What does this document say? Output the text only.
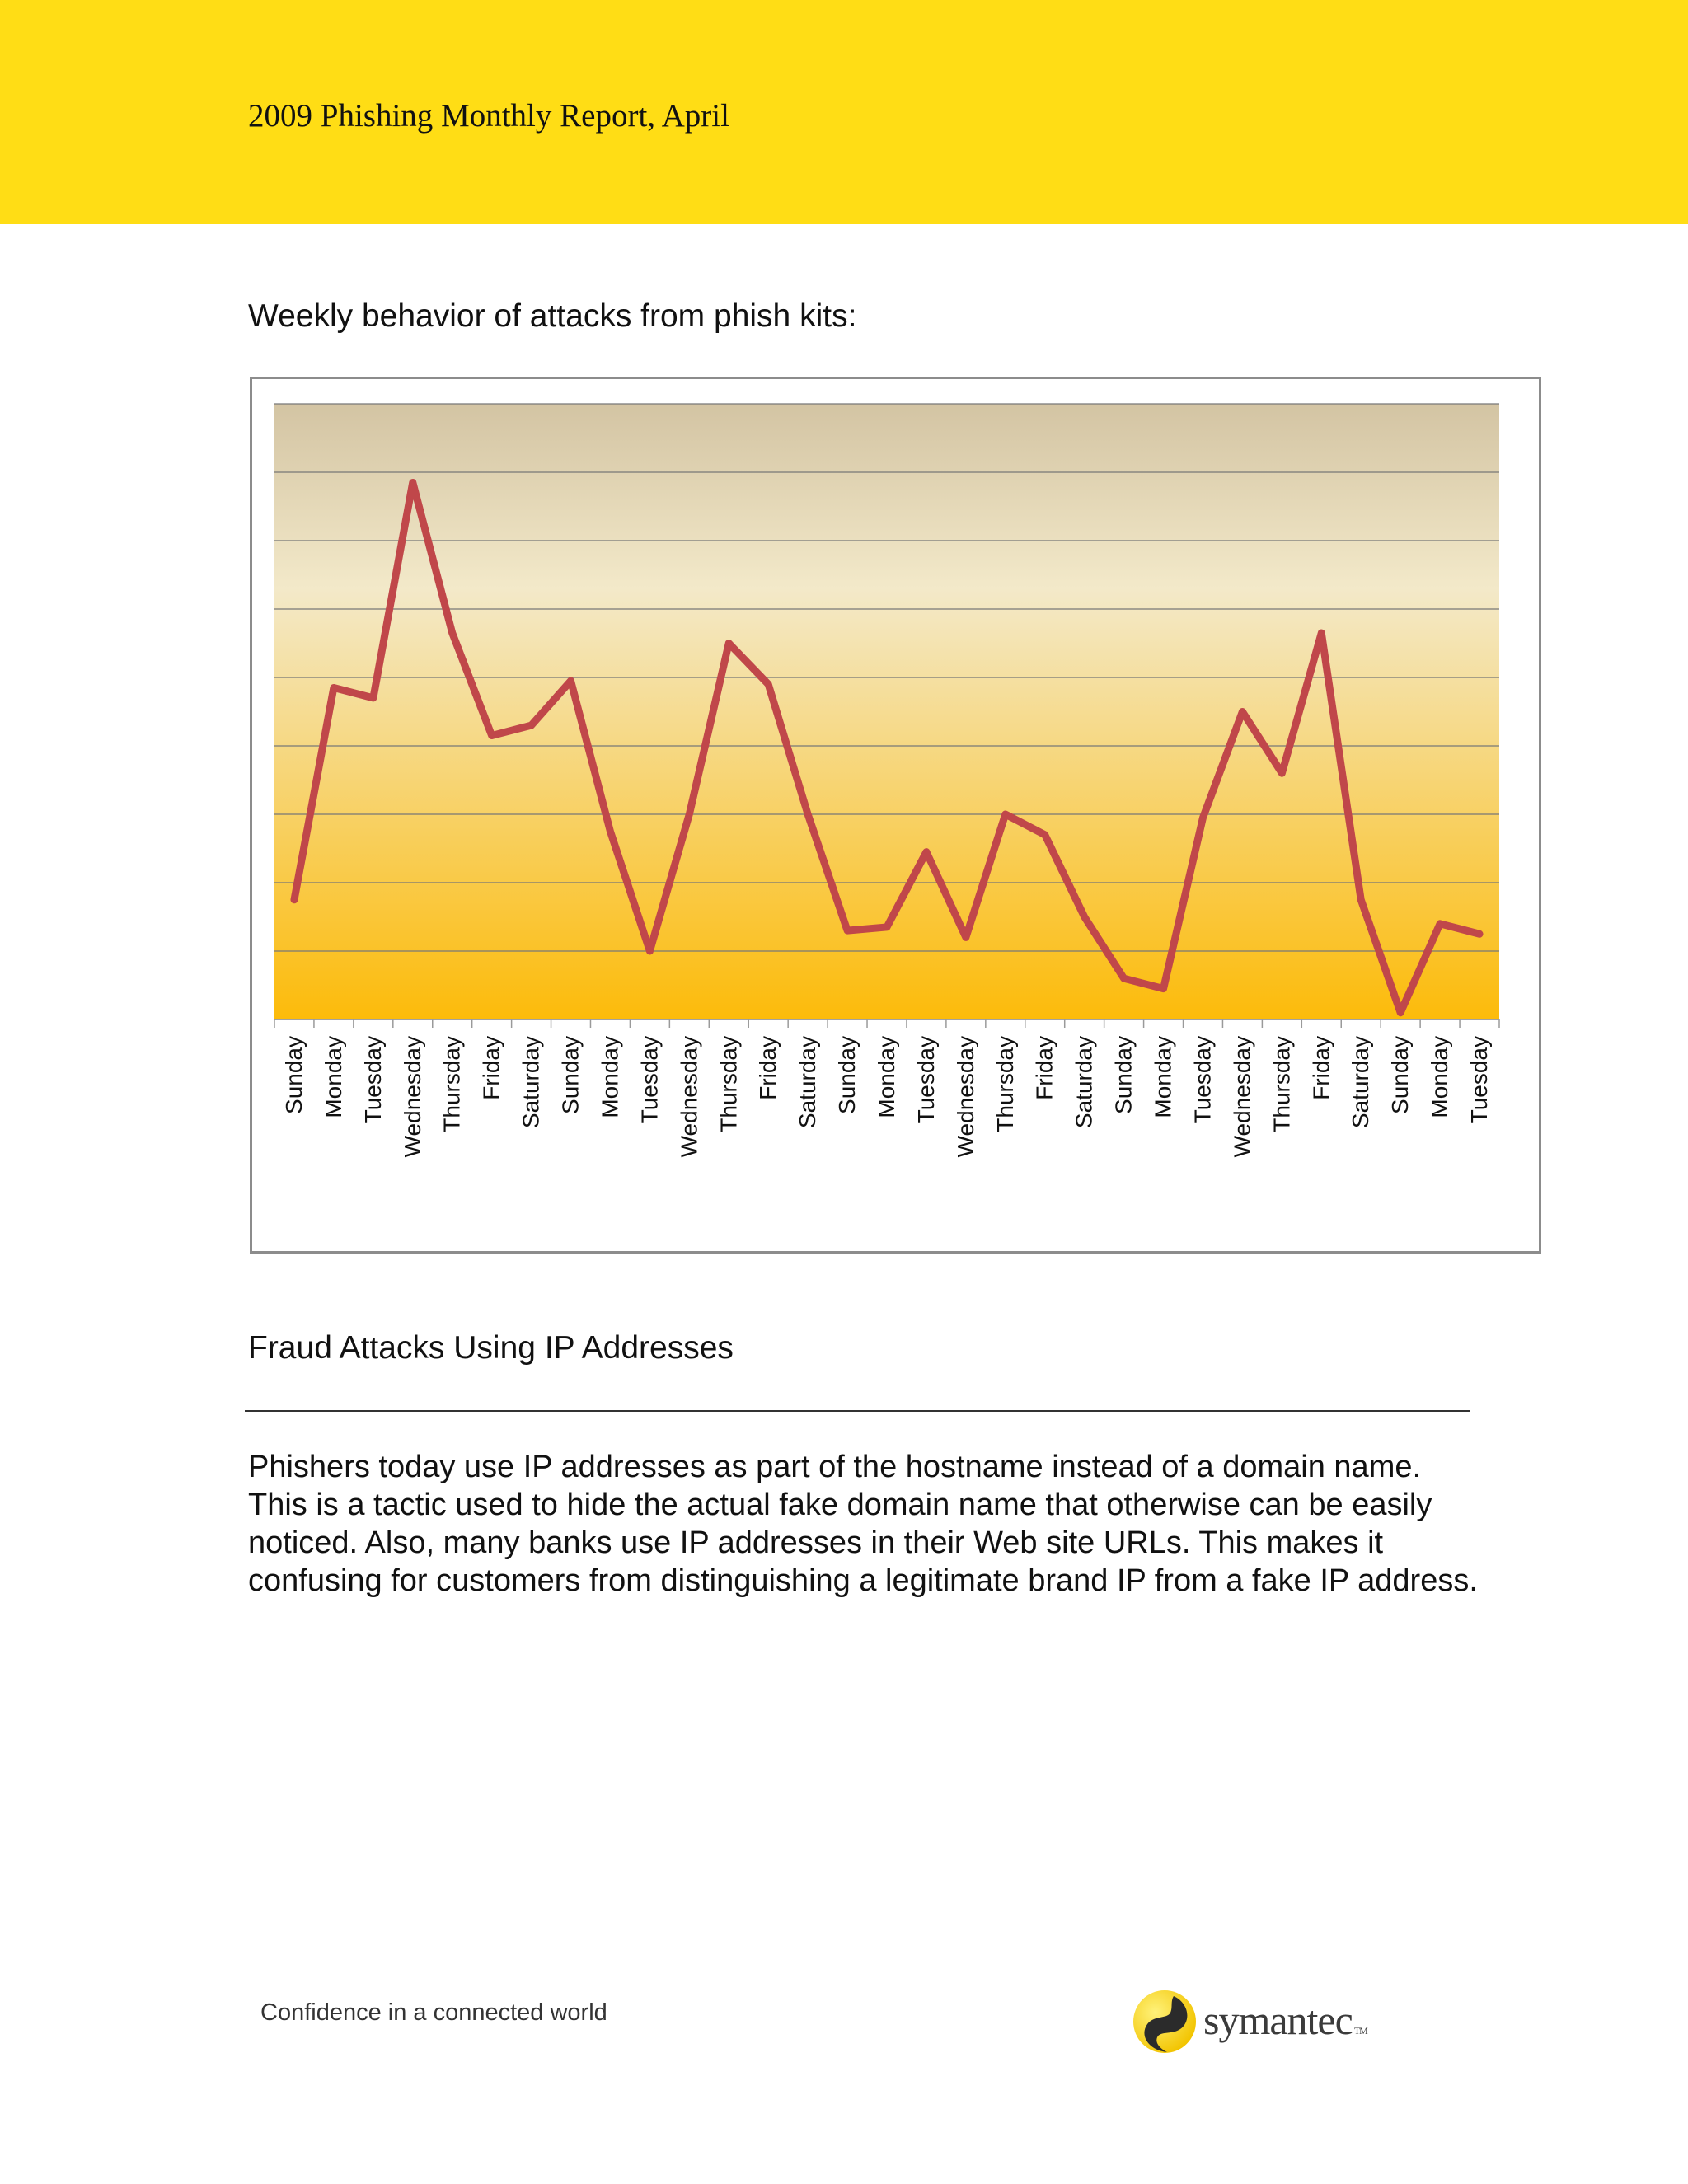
2009 Phishing Monthly Report, April
Weekly behavior of attacks from phish kits:
Sunday Monday Tuesday Wednesday Thursday Friday Saturday Sunday Monday Tuesday Wednesday Thursday Friday Saturday Sunday Monday Tuesday Wednesday Thursday Friday Saturday Sunday Monday Tuesday Wednesday Thursday Friday Saturday Sunday Monday Tuesday
Fraud Attacks Using IP Addresses

Phishers today use IP addresses as part of the hostname instead of a domain name. This is a tactic used to hide the actual fake domain name that otherwise can be easily noticed. Also, many banks use IP addresses in their Web site URLs. This makes it confusing for customers from distinguishing a legitimate brand IP from a fake IP address.

Confidence in a connected world	symantec TM
